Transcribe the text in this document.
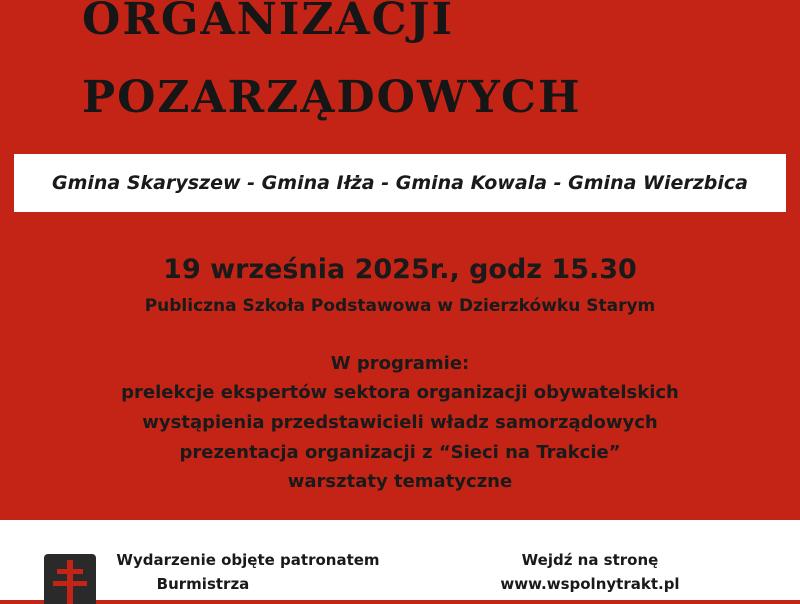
ORGANIZACJI
POZARZĄDOWYCH
Gmina Skaryszew - Gmina Iłża - Gmina Kowala - Gmina Wierzbica
19 września 2025r., godz 15.30
Publiczna Szkoła Podstawowa w Dzierzkówku Starym
W programie:
prelekcje ekspertów sektora organizacji obywatelskich
wystąpienia przedstawicieli władz samorządowych
prezentacja organizacji z “Sieci na Trakcie”
warsztaty tematyczne
Wydarzenie objęte patronatem
Burmistrza
Wejdź na stronę
www.wspolnytrakt.pl
